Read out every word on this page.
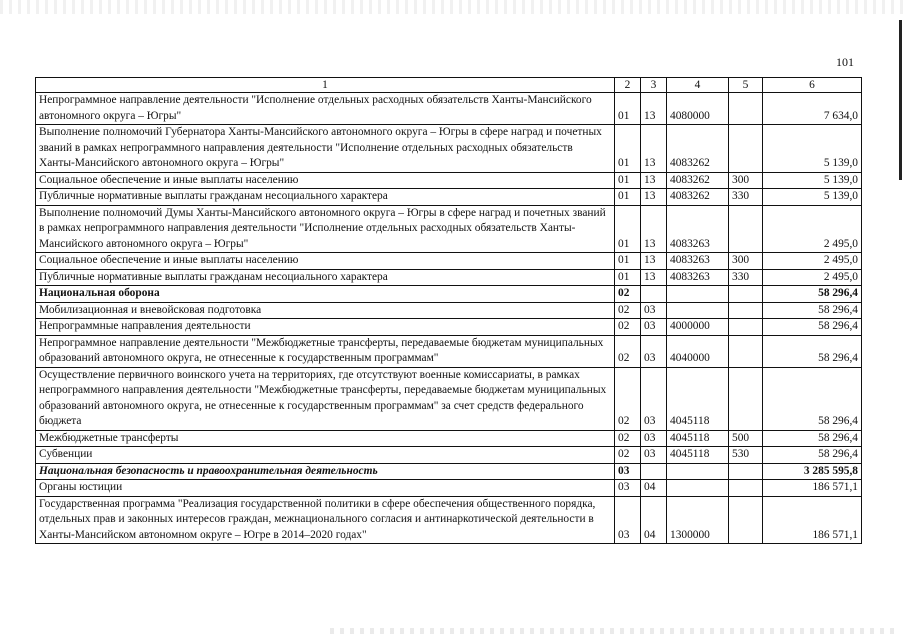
101
1	2	3	4	5	6
Непрограммное направление деятельности "Исполнение отдельных расходных обязательств Ханты-Мансийского автономного округа – Югры"	01	13	4080000		7 634,0
Выполнение полномочий Губернатора Ханты-Мансийского автономного округа – Югры в сфере наград и почетных званий в рамках непрограммного направления деятельности "Исполнение отдельных расходных обязательств Ханты-Мансийского автономного округа – Югры"	01	13	4083262		5 139,0
Социальное обеспечение и иные выплаты населению	01	13	4083262	300	5 139,0
Публичные нормативные выплаты гражданам несоциального характера	01	13	4083262	330	5 139,0
Выполнение полномочий Думы Ханты-Мансийского автономного округа – Югры в сфере наград и почетных званий в рамках непрограммного направления деятельности "Исполнение отдельных расходных обязательств Ханты-Мансийского автономного округа – Югры"	01	13	4083263		2 495,0
Социальное обеспечение и иные выплаты населению	01	13	4083263	300	2 495,0
Публичные нормативные выплаты гражданам несоциального характера	01	13	4083263	330	2 495,0
Национальная оборона	02				58 296,4
Мобилизационная и вневойсковая подготовка	02	03			58 296,4
Непрограммные направления деятельности	02	03	4000000		58 296,4
Непрограммное направление деятельности "Межбюджетные трансферты, передаваемые бюджетам муниципальных образований автономного округа, не отнесенные к государственным программам"	02	03	4040000		58 296,4
Осуществление первичного воинского учета на территориях, где отсутствуют военные комиссариаты, в рамках непрограммного направления деятельности "Межбюджетные трансферты, передаваемые бюджетам муниципальных образований автономного округа, не отнесенные к государственным программам" за счет средств федерального бюджета	02	03	4045118		58 296,4
Межбюджетные трансферты	02	03	4045118	500	58 296,4
Субвенции	02	03	4045118	530	58 296,4
Национальная безопасность и правоохранительная деятельность	03				3 285 595,8
Органы юстиции	03	04			186 571,1
Государственная программа "Реализация государственной политики в сфере обеспечения общественного порядка, отдельных прав и законных интересов граждан, межнационального согласия и антинаркотической деятельности в Ханты-Мансийском автономном округе – Югре в 2014–2020 годах"	03	04	1300000		186 571,1
